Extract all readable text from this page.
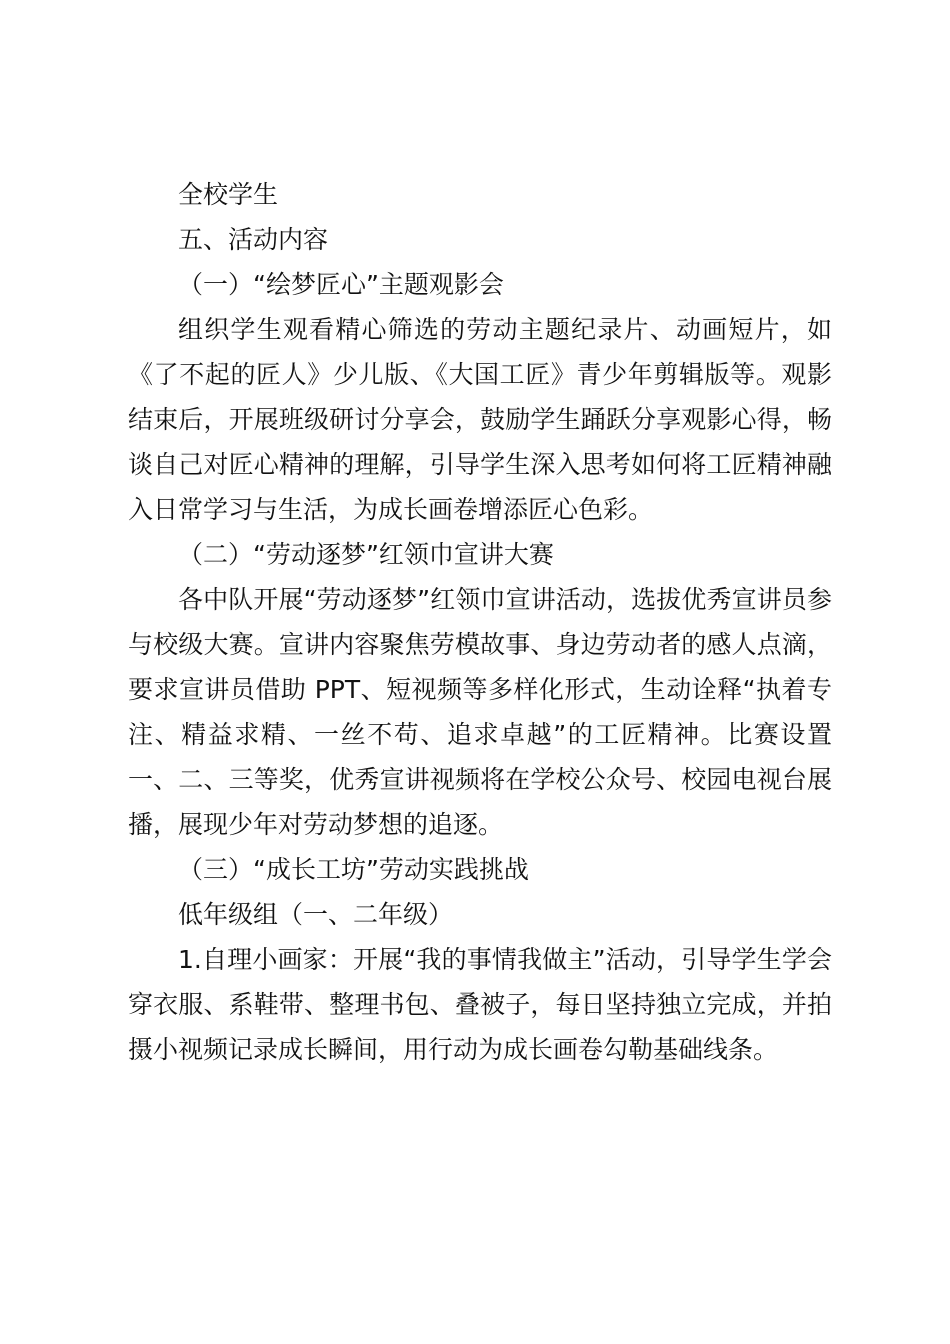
全校学生

五、活动内容

（一）“绘梦匠心”主题观影会

组织学生观看精心筛选的劳动主题纪录片、动画短片，如《了不起的匠人》少儿版、《大国工匠》青少年剪辑版等。观影结束后，开展班级研讨分享会，鼓励学生踊跃分享观影心得，畅谈自己对匠心精神的理解，引导学生深入思考如何将工匠精神融入日常学习与生活，为成长画卷增添匠心色彩。

（二）“劳动逐梦”红领巾宣讲大赛

各中队开展“劳动逐梦”红领巾宣讲活动，选拔优秀宣讲员参与校级大赛。宣讲内容聚焦劳模故事、身边劳动者的感人点滴，要求宣讲员借助 PPT、短视频等多样化形式，生动诠释“执着专注、精益求精、一丝不苟、追求卓越”的工匠精神。比赛设置一、二、三等奖，优秀宣讲视频将在学校公众号、校园电视台展播，展现少年对劳动梦想的追逐。

（三）“成长工坊”劳动实践挑战

低年级组（一、二年级）

1.自理小画家：开展“我的事情我做主”活动，引导学生学会穿衣服、系鞋带、整理书包、叠被子，每日坚持独立完成，并拍摄小视频记录成长瞬间，用行动为成长画卷勾勒基础线条。
